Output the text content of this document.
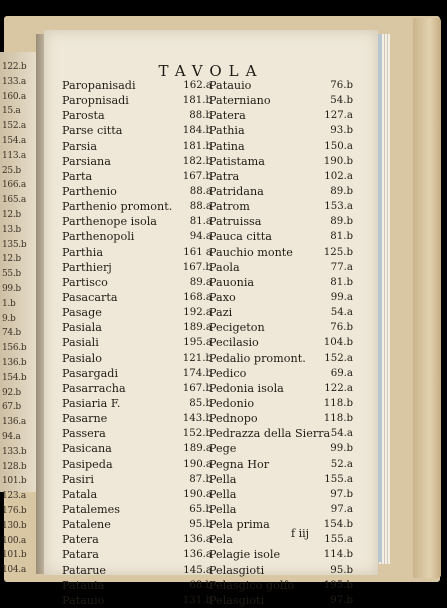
122.b
133.a
160.a
15.a
152.a
154.a
113.a
25.b
166.a
165.a
12.b
13.b
135.b
12.b
55.b
99.b
1.b
9.b
74.b
156.b
136.b
154.b
92.b
67.b
136.a
94.a
133.b
128.b
101.b
123.a
176.b
130.b
100.a
101.b
104.a
TAVOLA
Paropanisadi	162.a
Paropnisadi	181.b
Parosta	88.b
Parse citta	184.b
Parsia	181.b
Parsiana	182.b
Parta	167.b
Parthenio	88.a
Parthenio promont. 88.a
Parthenope isola	81.a
Parthenopoli	94.a
Parthia	161 a
Parthierj	167.b
Partisco	89.a
Pasacarta	168.a
Pasage	192.a
Pasiala	189.a
Pasiali	195.a
Pasialo	121.b
Pasargadi	174.b
Pasarracha	167.b
Pasiaria F.	85.b
Pasarne	143.b
Passera	152.b
Pasicana	189.a
Pasipeda	190.a
Pasiri	87.b
Patala	190.a
Patalemes	65.b
Patalene	95.b
Patera	136.a
Patara	136.a
Patarue	145.a
Patauia	68.b
Patauio	131.b
Patauio	76.b
Paterniano	54.b
Patera	127.a
Pathia	93.b
Patina	150.a
Patistama	190.b
Patra	102.a
Patridana	89.b
Patrom	153.a
Patruissa	89.b
Pauca citta	81.b
Pauchio monte	125.b
Paola	77.a
Pauonia	81.b
Paxo	99.a
Pazi	54.a
Pecigeton	76.b
Pecilasio	104.b
Pedalio promont. 152.a
Pedico	69.a
Pedonia isola	122.a
Pedonio	118.b
Pednopo	118.b
Pedrazza della Sierra 54.a
Pege	99.b
Pegna Hor	52.a
Pella	155.a
Pella	97.b
Pella	97.a
Pela prima	154.b
Pela	155.a
Pelagie isole	114.b
Pelasgioti	95.b
Pelasgico golfo	195.b
Pelasgioti	97.b
f iij
